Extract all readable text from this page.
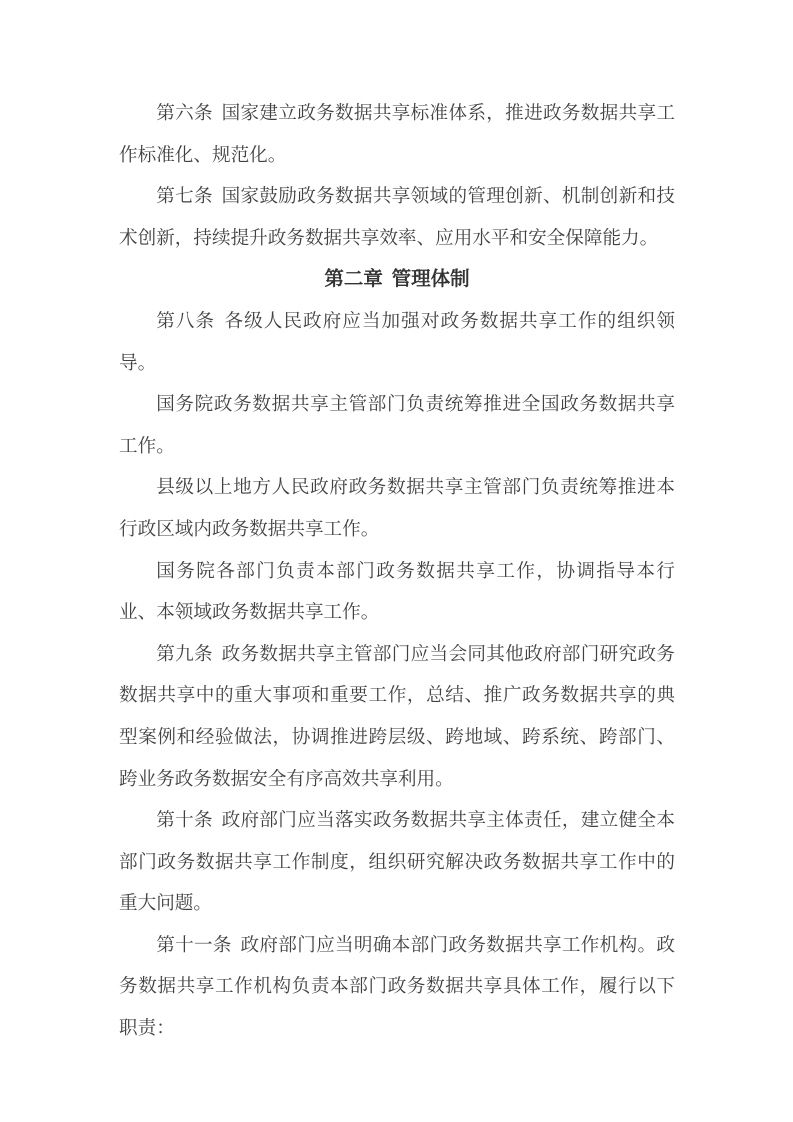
第六条 国家建立政务数据共享标准体系，推进政务数据共享工作标准化、规范化。
第七条 国家鼓励政务数据共享领域的管理创新、机制创新和技术创新，持续提升政务数据共享效率、应用水平和安全保障能力。
第二章 管理体制
第八条 各级人民政府应当加强对政务数据共享工作的组织领导。
国务院政务数据共享主管部门负责统筹推进全国政务数据共享工作。
县级以上地方人民政府政务数据共享主管部门负责统筹推进本行政区域内政务数据共享工作。
国务院各部门负责本部门政务数据共享工作，协调指导本行业、本领域政务数据共享工作。
第九条 政务数据共享主管部门应当会同其他政府部门研究政务数据共享中的重大事项和重要工作，总结、推广政务数据共享的典型案例和经验做法，协调推进跨层级、跨地域、跨系统、跨部门、跨业务政务数据安全有序高效共享利用。
第十条 政府部门应当落实政务数据共享主体责任，建立健全本部门政务数据共享工作制度，组织研究解决政务数据共享工作中的重大问题。
第十一条 政府部门应当明确本部门政务数据共享工作机构。政务数据共享工作机构负责本部门政务数据共享具体工作，履行以下职责：
